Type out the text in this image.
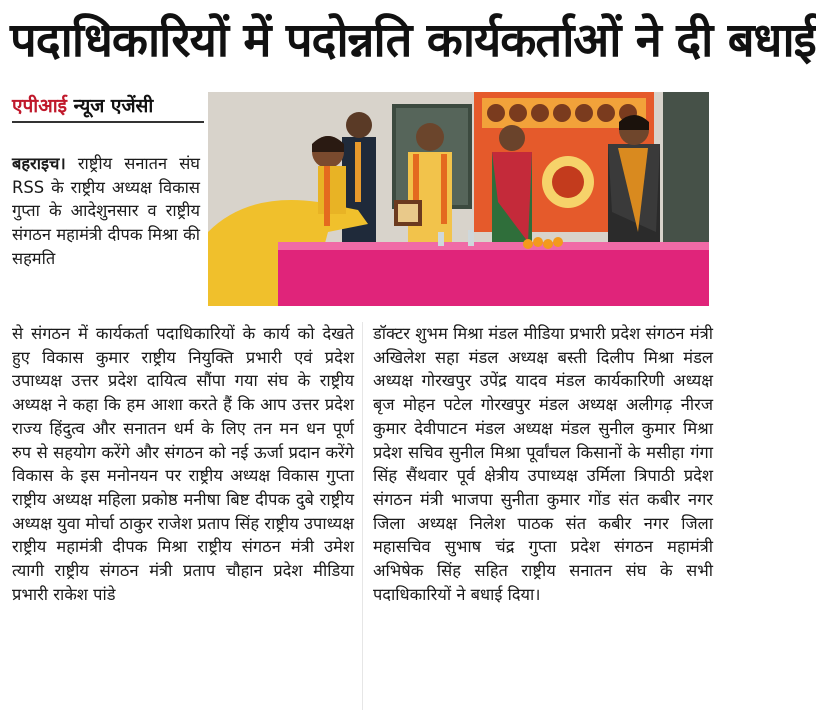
पदाधिकारियों में पदोन्नति कार्यकर्ताओं ने दी बधाई
एपीआई न्यूज एजेंसी
बहराइच। राष्ट्रीय सनातन संघ RSS के राष्ट्रीय अध्यक्ष विकास गुप्ता के आदेशुनसार व राष्ट्रीय संगठन महामंत्री दीपक मिश्रा की सहमति
से संगठन में कार्यकर्ता पदाधिकारियों के कार्य को देखते हुए विकास कुमार राष्ट्रीय नियुक्ति प्रभारी एवं प्रदेश उपाध्यक्ष उत्तर प्रदेश दायित्व सौंपा गया संघ के राष्ट्रीय अध्यक्ष ने कहा कि हम आशा करते हैं कि आप उत्तर प्रदेश राज्य हिंदुत्व और सनातन धर्म के लिए तन मन धन पूर्ण रुप से सहयोग करेंगे और संगठन को नई ऊर्जा प्रदान करेंगे विकास के इस मनोनयन पर राष्ट्रीय अध्यक्ष विकास गुप्ता राष्ट्रीय अध्यक्ष महिला प्रकोष्ठ मनीषा बिष्ट दीपक दुबे राष्ट्रीय अध्यक्ष युवा मोर्चा ठाकुर राजेश प्रताप सिंह राष्ट्रीय उपाध्यक्ष राष्ट्रीय महामंत्री दीपक मिश्रा राष्ट्रीय संगठन मंत्री उमेश त्यागी राष्ट्रीय संगठन मंत्री प्रताप चौहान प्रदेश मीडिया प्रभारी राकेश पांडे
डॉक्टर शुभम मिश्रा मंडल मीडिया प्रभारी प्रदेश संगठन मंत्री अखिलेश सहा मंडल अध्यक्ष बस्ती दिलीप मिश्रा मंडल अध्यक्ष गोरखपुर उपेंद्र यादव मंडल कार्यकारिणी अध्यक्ष बृज मोहन पटेल गोरखपुर मंडल अध्यक्ष अलीगढ़ नीरज कुमार देवीपाटन मंडल अध्यक्ष मंडल सुनील कुमार मिश्रा प्रदेश सचिव सुनील मिश्रा पूर्वांचल किसानों के मसीहा गंगा सिंह सैंथवार पूर्व क्षेत्रीय उपाध्यक्ष उर्मिला त्रिपाठी प्रदेश संगठन मंत्री भाजपा सुनीता कुमार गोंड संत कबीर नगर जिला अध्यक्ष निलेश पाठक संत कबीर नगर जिला महासचिव सुभाष चंद्र गुप्ता प्रदेश संगठन महामंत्री अभिषेक सिंह सहित राष्ट्रीय सनातन संघ के सभी पदाधिकारियों ने बधाई दिया।
